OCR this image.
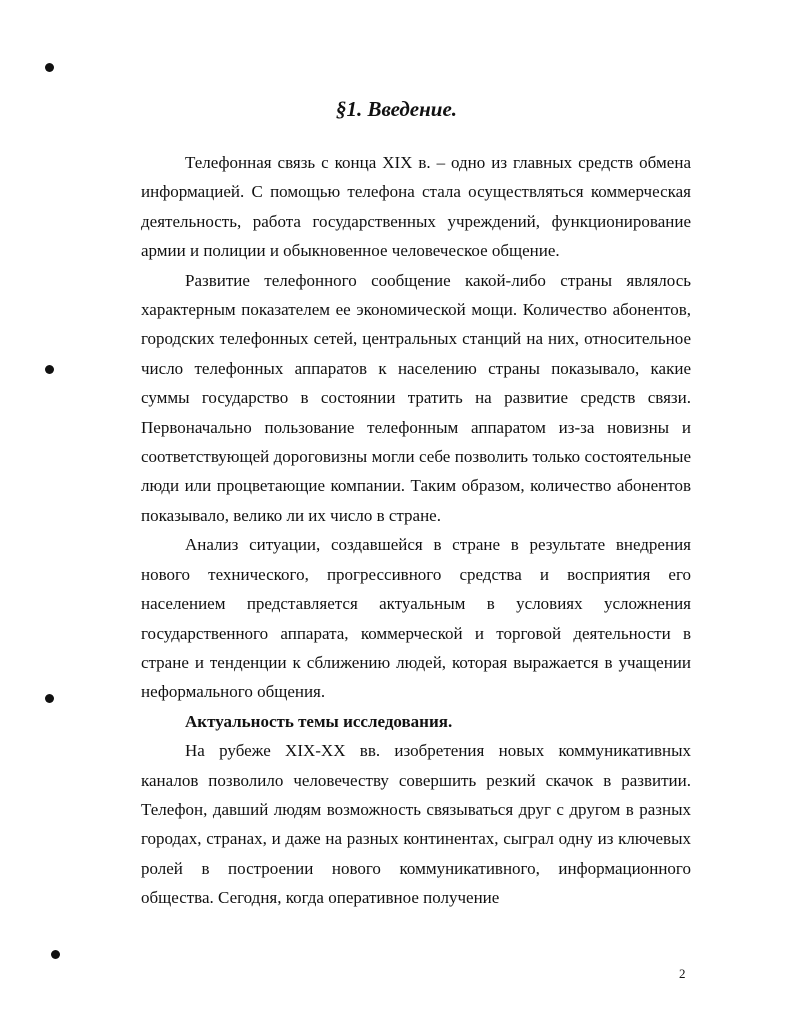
§1. Введение.

Телефонная связь с конца XIX в. – одно из главных средств обмена информацией. С помощью телефона стала осуществляться коммерческая деятельность, работа государственных учреждений, функционирование армии и полиции и обыкновенное человеческое общение.

Развитие телефонного сообщение какой-либо страны являлось характерным показателем ее экономической мощи. Количество абонентов, городских телефонных сетей, центральных станций на них, относительное число телефонных аппаратов к населению страны показывало, какие суммы государство в состоянии тратить на развитие средств связи. Первоначально пользование телефонным аппаратом из-за новизны и соответствующей дороговизны могли себе позволить только состоятельные люди или процветающие компании. Таким образом, количество абонентов показывало, велико ли их число в стране.

Анализ ситуации, создавшейся в стране в результате внедрения нового технического, прогрессивного средства и восприятия его населением представляется актуальным в условиях усложнения государственного аппарата, коммерческой и торговой деятельности в стране и тенденции к сближению людей, которая выражается в учащении неформального общения.

Актуальность темы исследования.

На рубеже XIX-XX вв. изобретения новых коммуникативных каналов позволило человечеству совершить резкий скачок в развитии. Телефон, давший людям возможность связываться друг с другом в разных городах, странах, и даже на разных континентах, сыграл одну из ключевых ролей в построении нового коммуникативного, информационного общества. Сегодня, когда оперативное получение

2
